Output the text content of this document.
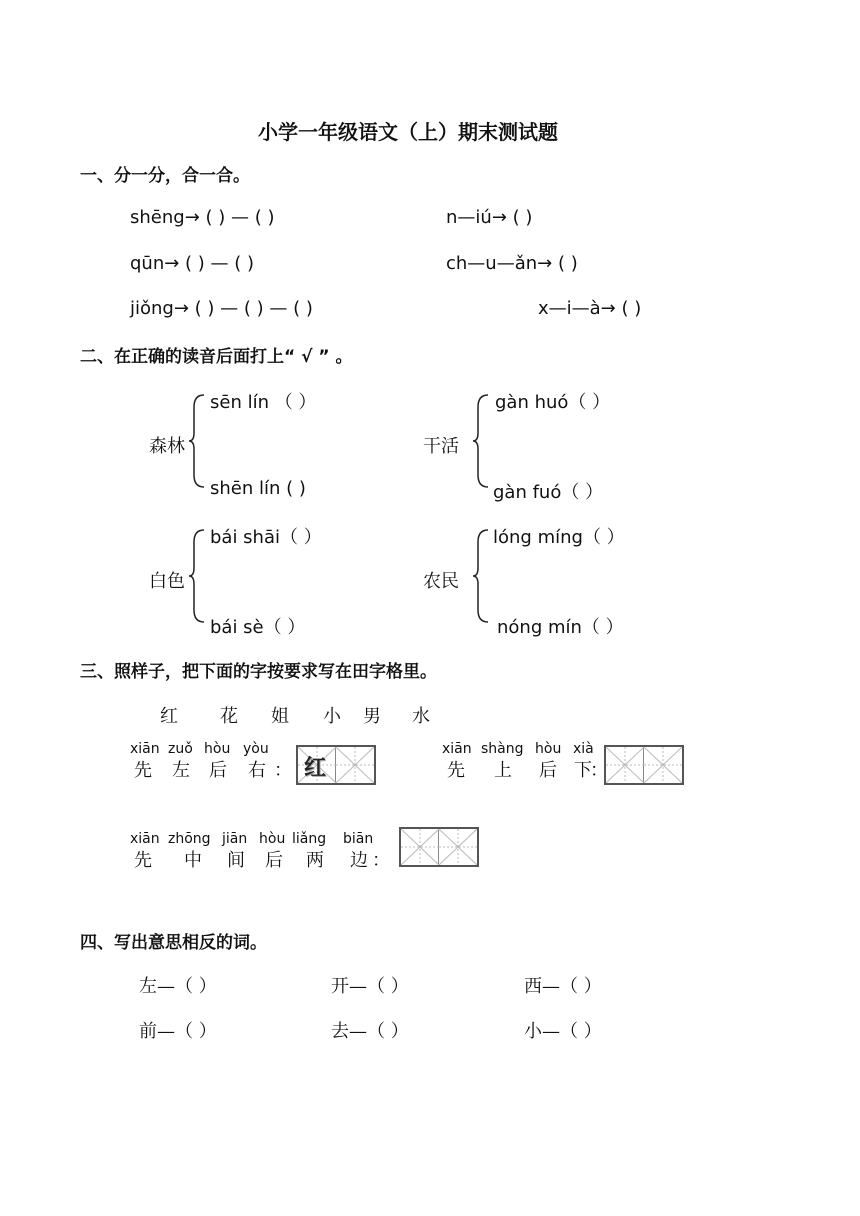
小学一年级语文（上）期末测试题
一、分一分，合一合。
shēng→ ( ) — ( )	n—iú→ ( )
qūn→ ( ) — ( )	ch—u—ǎn→ ( )
jiǒng→ ( ) — ( ) — ( )	x—i—à→ ( )
二、在正确的读音后面打上“ √ ” 。
森林
sēn lín （ ）
shēn lín ( )
干活
gàn huó（ ）
gàn fuó（ ）
白色
bái shāi（ ）
bái sè（ ）
农民
lóng míng（ ）
nóng mín（ ）
三、照样子，把下面的字按要求写在田字格里。
红 花 姐 小 男 水
xiān zuǒ hòu yòu
先 左 后 右 ： 红
xiān shàng hòu xià
先 上 后 下
：
xiān zhōng jiān hòu liǎng biān
先 中 间 后 两 边 ：
四、写出意思相反的词。
左—（ ）	开—（ ）	西—（ ）
前—（ ）	去—（ ）	小—（ ）
